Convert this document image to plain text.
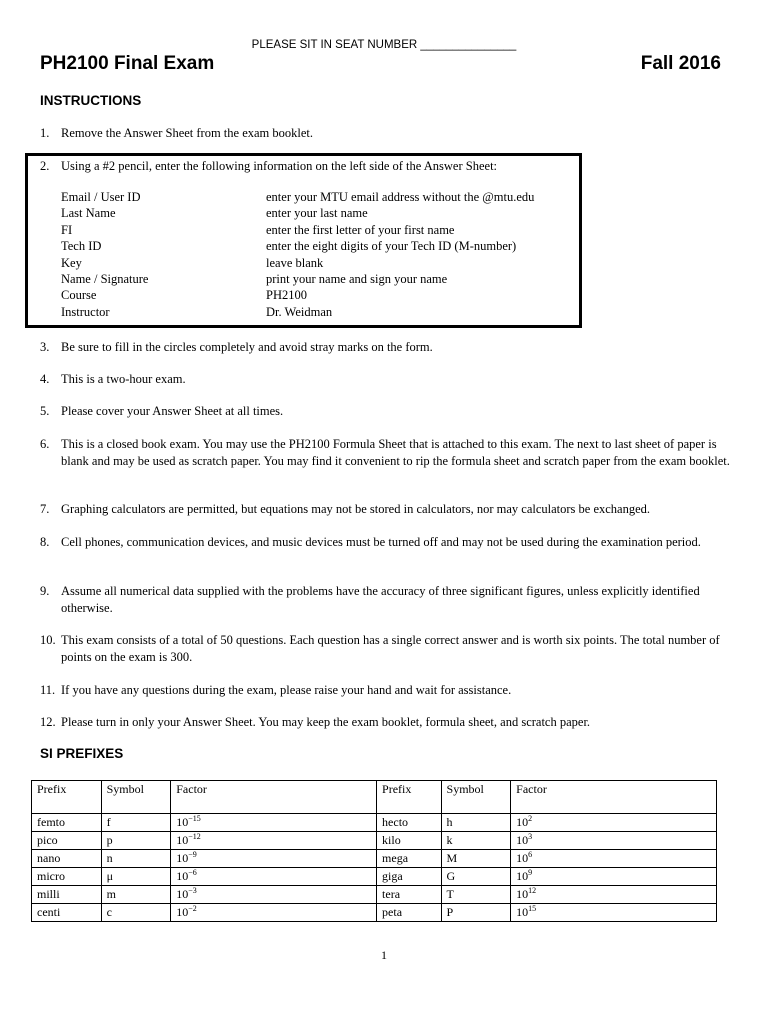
PLEASE SIT IN SEAT NUMBER _______________
PH2100 Final Exam	Fall 2016
INSTRUCTIONS
1. Remove the Answer Sheet from the exam booklet.
2. Using a #2 pencil, enter the following information on the left side of the Answer Sheet:
Email / User ID	enter your MTU email address without the @mtu.edu
Last Name	enter your last name
FI	enter the first letter of your first name
Tech ID	enter the eight digits of your Tech ID (M-number)
Key	leave blank
Name / Signature	print your name and sign your name
Course	PH2100
Instructor	Dr. Weidman
3. Be sure to fill in the circles completely and avoid stray marks on the form.
4. This is a two-hour exam.
5. Please cover your Answer Sheet at all times.
6. This is a closed book exam. You may use the PH2100 Formula Sheet that is attached to this exam. The next to last sheet of paper is blank and may be used as scratch paper. You may find it convenient to rip the formula sheet and scratch paper from the exam booklet.
7. Graphing calculators are permitted, but equations may not be stored in calculators, nor may calculators be exchanged.
8. Cell phones, communication devices, and music devices must be turned off and may not be used during the examination period.
9. Assume all numerical data supplied with the problems have the accuracy of three significant figures, unless explicitly identified otherwise.
10. This exam consists of a total of 50 questions. Each question has a single correct answer and is worth six points. The total number of points on the exam is 300.
11. If you have any questions during the exam, please raise your hand and wait for assistance.
12. Please turn in only your Answer Sheet. You may keep the exam booklet, formula sheet, and scratch paper.
SI PREFIXES
Prefix	Symbol	Factor	Prefix	Symbol	Factor
femto	f	$10^{-15}$	hecto	h	$10^2$
pico	p	$10^{-12}$	kilo	k	$10^3$
nano	n	$10^{-9}$	mega	M	$10^6$
micro	μ	$10^{-6}$	giga	G	$10^9$
milli	m	$10^{-3}$	tera	T	$10^{12}$
centi	c	$10^{-2}$	peta	P	$10^{15}$
1
